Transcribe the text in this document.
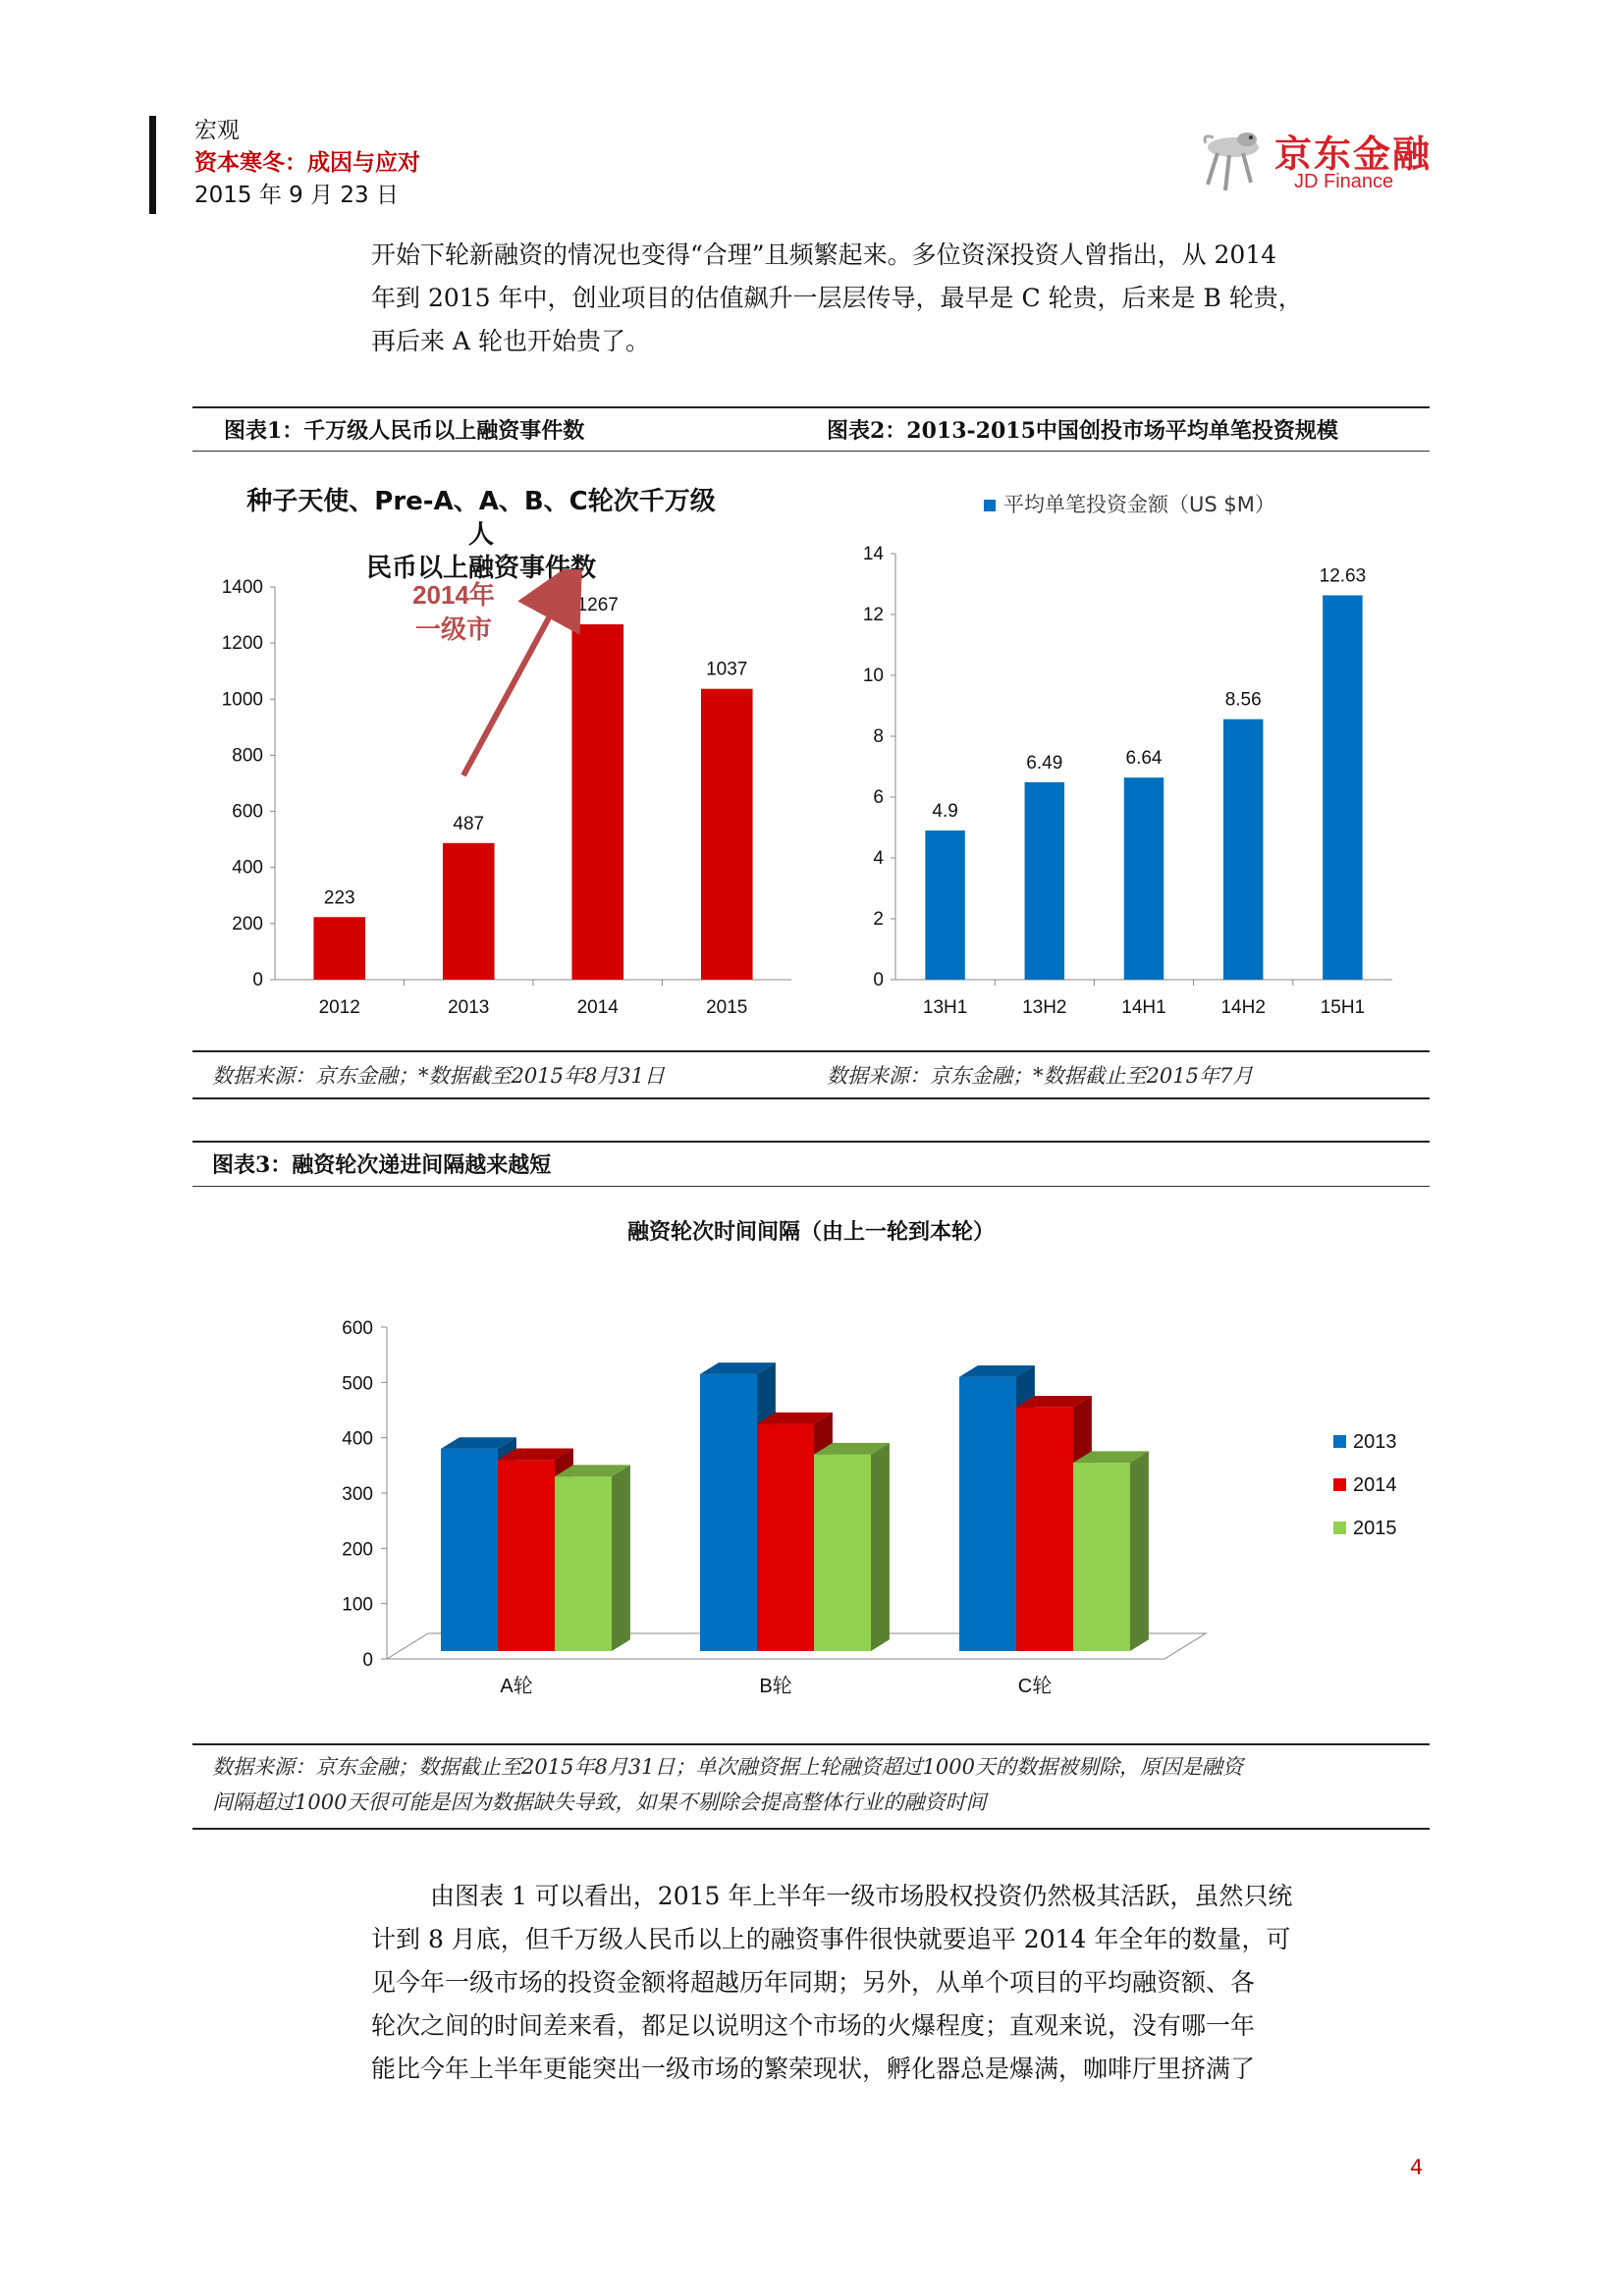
宏观
资本寒冬：成因与应对
2015 年 9 月 23 日
京东金融
JD Finance

开始下轮新融资的情况也变得“合理”且频繁起来。多位资深投资人曾指出，从 2014

年到 2015 年中，创业项目的估值飙升一层层传导，最早是 C 轮贵，后来是 B 轮贵，

再后来 A 轮也开始贵了。

图表1：千万级人民币以上融资事件数	图表2：2013-2015中国创投市场平均单笔投资规模
种子天使、Pre-A、A、B、C轮次千万级人
民币以上融资事件数
223
487
1267
1037
0
200
400
600
800
1000
1200
1400
2012	2013	2014	2015
2014年
一级市
平均单笔投资金额（US $M）
4.9
6.49	6.64
8.56
12.63
0
2
4
6
8
10
12
14
13H1	13H2	14H1	14H2	15H1
数据来源：京东金融；*数据截至2015年8月31日	数据来源：京东金融；*数据截止至2015年7月
图表3：融资轮次递进间隔越来越短
融资轮次时间间隔（由上一轮到本轮）
0
100
200
300
400
500
600
A轮	B轮	C轮
2013
2014
2015
数据来源：京东金融；数据截止至2015年8月31日；单次融资据上轮融资超过1000天的数据被剔除，原因是融资
间隔超过1000天很可能是因为数据缺失导致，如果不剔除会提高整体行业的融资时间

由图表 1 可以看出，2015 年上半年一级市场股权投资仍然极其活跃，虽然只统

计到 8 月底，但千万级人民币以上的融资事件很快就要追平 2014 年全年的数量，可

见今年一级市场的投资金额将超越历年同期；另外，从单个项目的平均融资额、各

轮次之间的时间差来看，都足以说明这个市场的火爆程度；直观来说，没有哪一年

能比今年上半年更能突出一级市场的繁荣现状，孵化器总是爆满，咖啡厅里挤满了

4
